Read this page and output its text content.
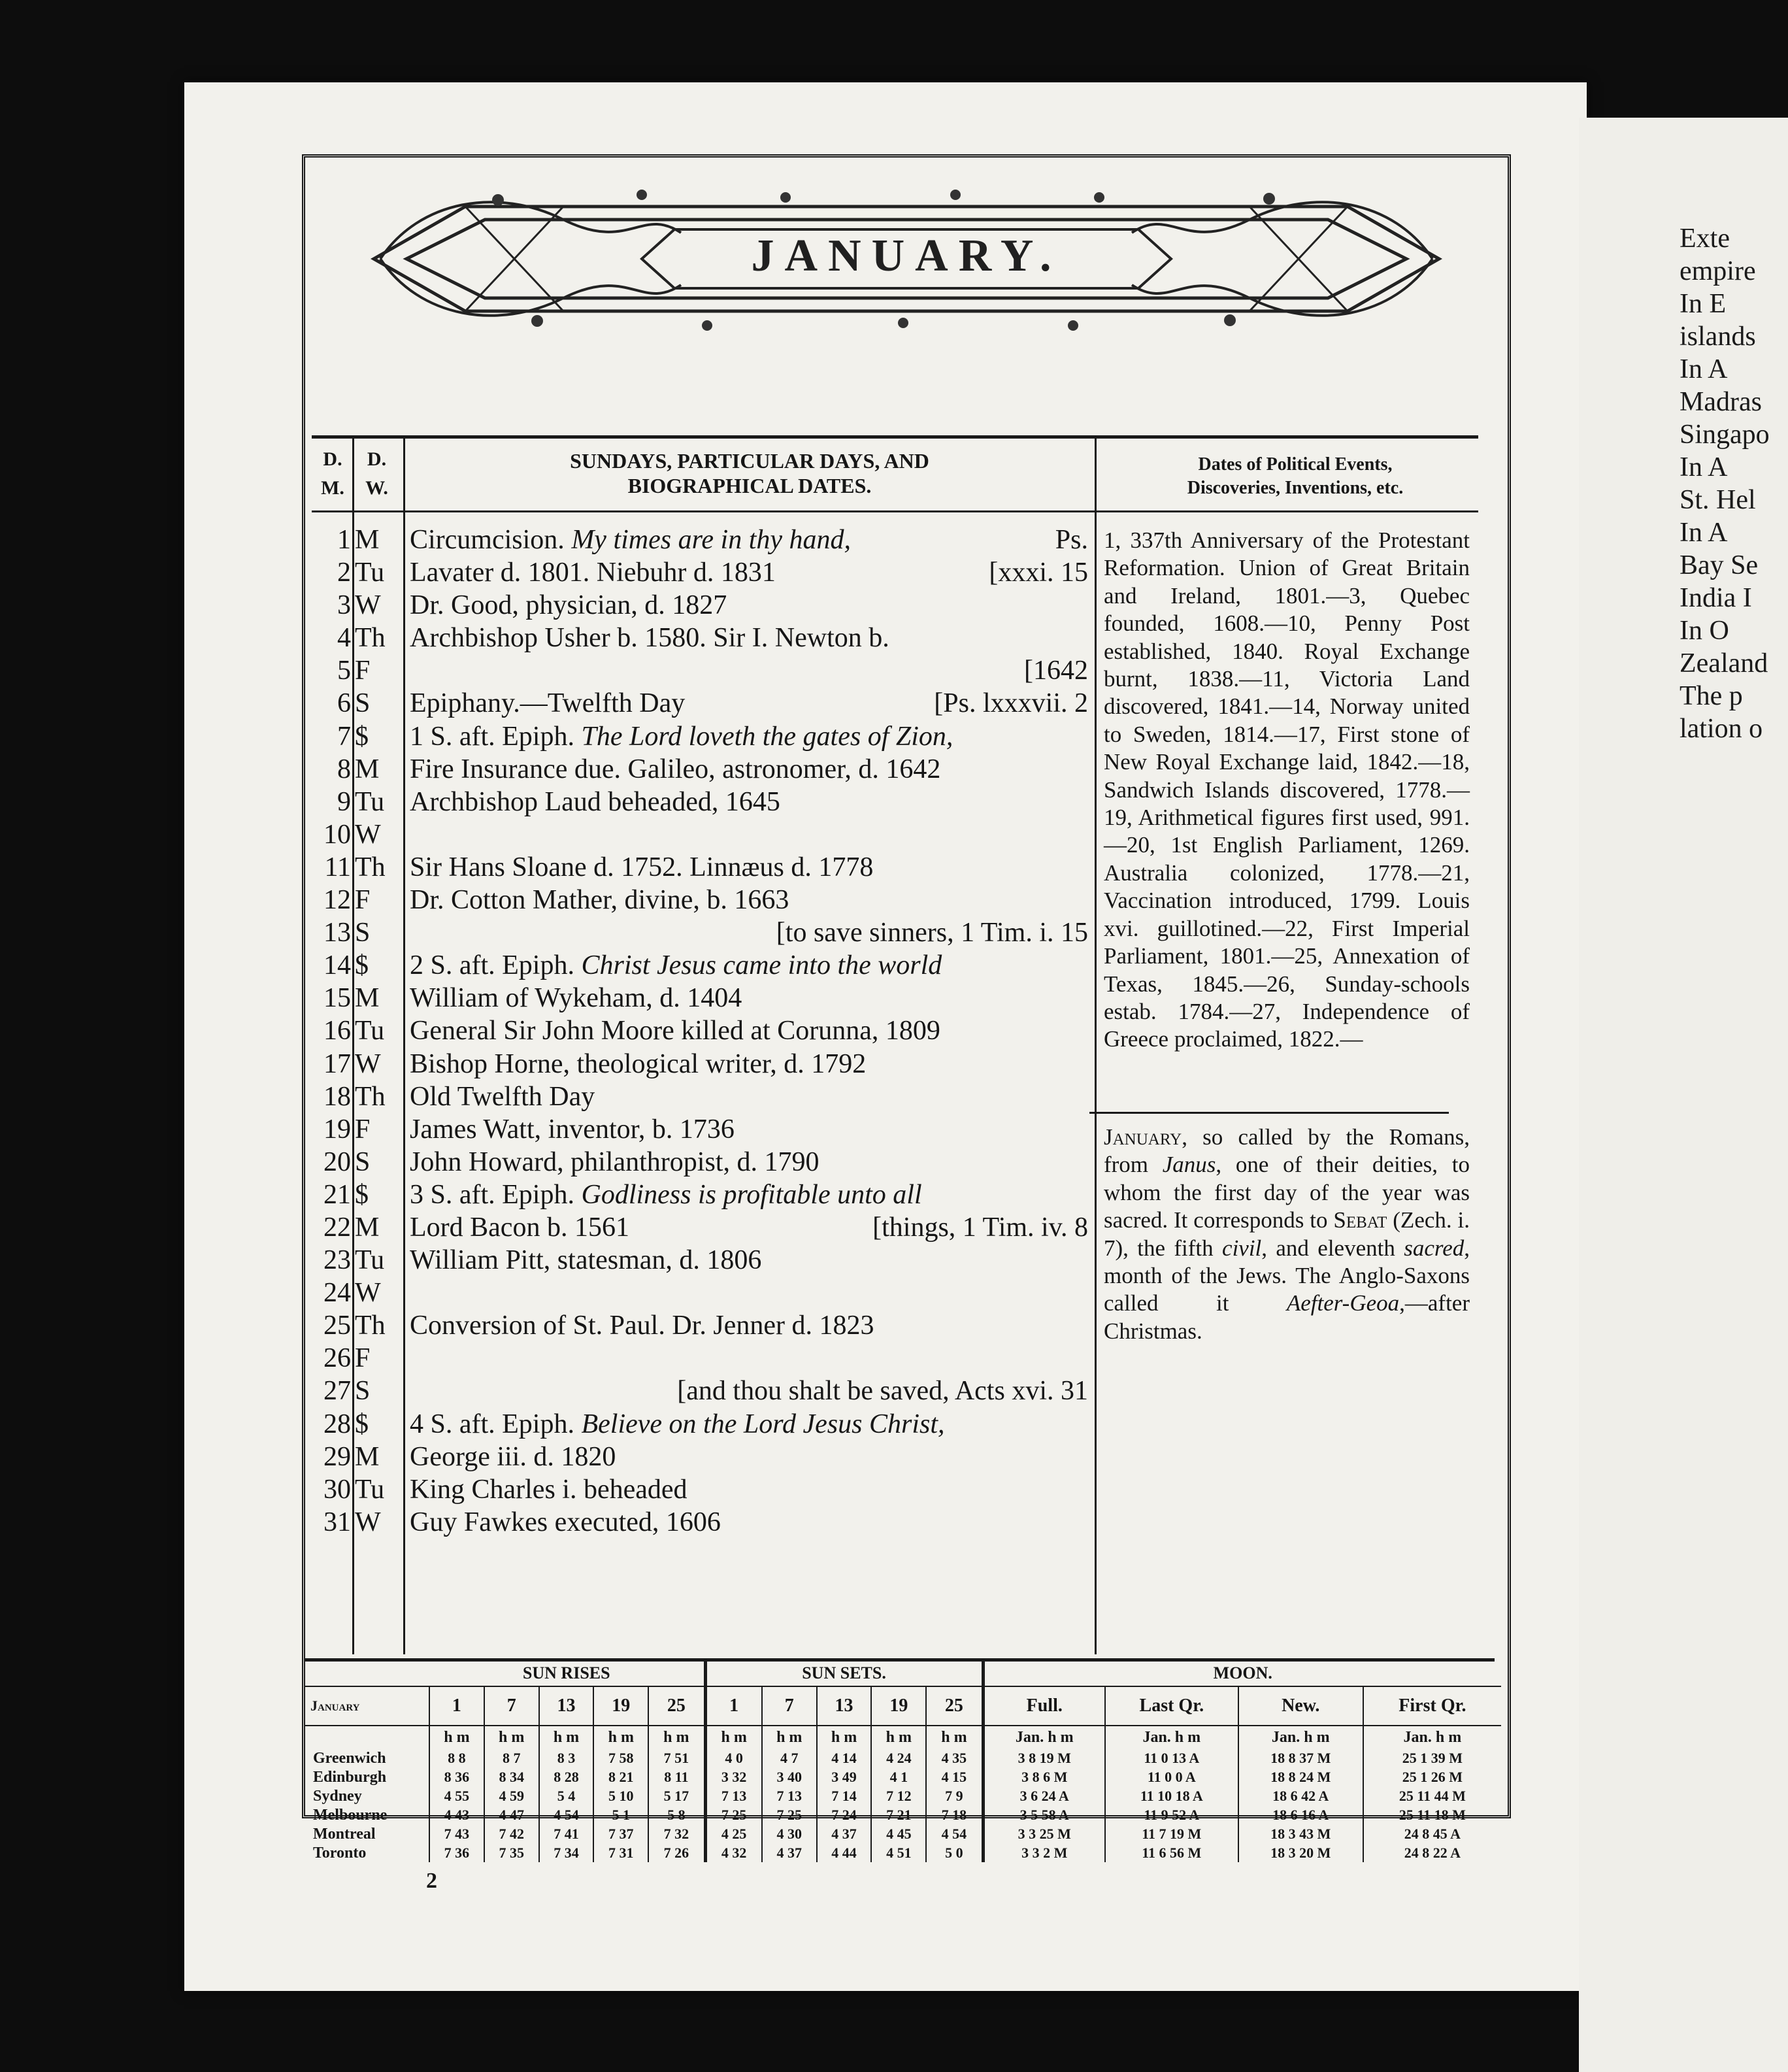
JANUARY.
D. M.
D. W.
SUNDAYS, PARTICULAR DAYS, AND
BIOGRAPHICAL DATES.
Dates of Political Events,
Discoveries, Inventions, etc.
1 M	Circumcision. My times are in thy hand,	Ps.
2 Tu Lavater d. 1801. Niebuhr d. 1831	[xxxi. 15
3 W	Dr. Good, physician, d. 1827
4 Th Archbishop Usher b. 1580. Sir I. Newton b.
5 F	[1642
6 S	Epiphany.—Twelfth Day	[Ps. lxxxvii. 2
7 $	1 S. aft. Epiph. The Lord loveth the gates of Zion,
8 M	Fire Insurance due. Galileo, astronomer, d. 1642
9 Tu Archbishop Laud beheaded, 1645
10 W
11 Th Sir Hans Sloane d. 1752. Linnæus d. 1778
12 F	Dr. Cotton Mather, divine, b. 1663
13 S	[to save sinners, 1 Tim. i. 15
14 $	2 S. aft. Epiph. Christ Jesus came into the world
15 M	William of Wykeham, d. 1404
16 Tu General Sir John Moore killed at Corunna, 1809
17 W	Bishop Horne, theological writer, d. 1792
18 Th Old Twelfth Day
19 F	James Watt, inventor, b. 1736
20 S	John Howard, philanthropist, d. 1790
21 $	3 S. aft. Epiph. Godliness is profitable unto all
22 M	Lord Bacon b. 1561	[things, 1 Tim. iv. 8
23 Tu William Pitt, statesman, d. 1806
24 W
25 Th Conversion of St. Paul. Dr. Jenner d. 1823
26 F
27 S	[and thou shalt be saved, Acts xvi. 31
28 $	4 S. aft. Epiph. Believe on the Lord Jesus Christ,
29 M	George iii. d. 1820
30 Tu King Charles i. beheaded
31 W	Guy Fawkes executed, 1606
1, 337th Anniversary of the Protestant Reformation. Union of Great Britain and Ireland, 1801.—3, Quebec founded, 1608.—10, Penny Post established, 1840. Royal Exchange burnt, 1838.—11, Victoria Land discovered, 1841.—14, Norway united to Sweden, 1814.—17, First stone of New Royal Exchange laid, 1842.—18, Sandwich Islands discovered, 1778.—19, Arithmetical figures first used, 991.—20, 1st English Parliament, 1269. Australia colonized, 1778.—21, Vaccination introduced, 1799. Louis xvi. guillotined.—22, First Imperial Parliament, 1801.—25, Annexation of Texas, 1845.—26, Sunday-schools estab. 1784.—27, Independence of Greece proclaimed, 1822.—
January, so called by the Romans, from Janus, one of their deities, to whom the first day of the year was sacred. It corresponds to Sebat (Zech. i. 7), the fifth civil, and eleventh sacred, month of the Jews. The Anglo-Saxons called it Aefter-Geoa,—after Christmas.
	SUN RISES					SUN SETS.					MOON.			
January	1	7	13	19	25	1	7	13	19	25	Full.	Last Qr.	New.	First Qr.
	h m	h m	h m	h m	h m	h m	h m	h m	h m	h m	Jan. h m	Jan. h m	Jan. h m	Jan. h m
Greenwich	8 8	8 7	8 3	7 58	7 51	4 0	4 7	4 14	4 24	4 35	3 8 19 M	11 0 13 A	18 8 37 M	25 1 39 M
Edinburgh	8 36	8 34	8 28	8 21	8 11	3 32	3 40	3 49	4 1	4 15	3 8 6 M	11 0 0 A	18 8 24 M	25 1 26 M
Sydney	4 55	4 59	5 4	5 10	5 17	7 13	7 13	7 14	7 12	7 9	3 6 24 A	11 10 18 A	18 6 42 A	25 11 44 M
Melbourne	4 43	4 47	4 54	5 1	5 8	7 25	7 25	7 24	7 21	7 18	3 5 58 A	11 9 52 A	18 6 16 A	25 11 18 M
Montreal	7 43	7 42	7 41	7 37	7 32	4 25	4 30	4 37	4 45	4 54	3 3 25 M	11 7 19 M	18 3 43 M	24 8 45 A
Toronto	7 36	7 35	7 34	7 31	7 26	4 32	4 37	4 44	4 51	5 0	3 3 2 M	11 6 56 M	18 3 20 M	24 8 22 A
2
Exte
empire
In E
islands
In A
Madras
Singapo
In A
St. Hel
In A
Bay Se
India I
In O
Zealand
The p
lation o
